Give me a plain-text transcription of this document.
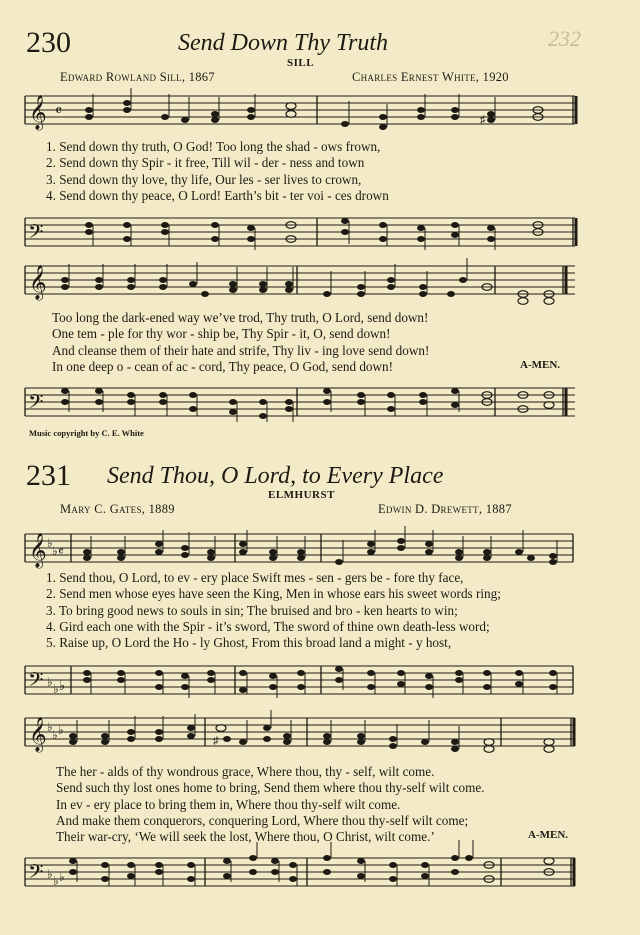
232
230	Send Down Thy Truth
SILL
Edward Rowland Sill, 1867	Charles Ernest White, 1920
𝄞 𝄴	♯
1. Send down thy truth, O God! Too long the shad - ows frown,
2. Send down thy Spir - it free, Till wil - der - ness and town
3. Send down thy love, thy life, Our les - ser lives to crown,
4. Send down thy peace, O Lord! Earth’s bit - ter voi - ces drown
𝄢
𝄞
Too long the dark-ened way we’ve trod, Thy truth, O Lord, send down!
One tem - ple for thy wor - ship be, Thy Spir - it, O, send down!
And cleanse them of their hate and strife, Thy liv - ing love send down!
In one deep o - cean of ac - cord, Thy peace, O God, send down!	A-MEN.
𝄢
Music copyright by C. E. White
231 Send Thou, O Lord, to Every Place
ELMHURST
Mary C. Gates, 1889	Edwin D. Drewett, 1887
𝄞 ♭
♭ 𝄴
1. Send thou, O Lord, to ev - ery place Swift mes - sen - gers be - fore thy face,
2. Send men whose eyes have seen the King, Men in whose ears his sweet words ring;
3. To bring good news to souls in sin; The bruised and bro - ken hearts to win;
4. Gird each one with the Spir - it’s sword, The sword of thine own death-less word;
5. Raise up, O Lord the Ho - ly Ghost, From this broad land a might - y host,
𝄢 ♭ ♭ ♭
𝄞 ♭
♭ ♭
♯
The her - alds of thy wondrous grace, Where thou, thy - self, wilt come.
Send such thy lost ones home to bring, Send them where thou thy-self wilt come.
In ev - ery place to bring them in, Where thou thy-self wilt come.
And make them conquerors, conquering Lord, Where thou thy-self wilt come;
Their war-cry, ‘We will seek the lost, Where thou, O Christ, wilt come.’	A-MEN.
𝄢 ♭ ♭ ♭
